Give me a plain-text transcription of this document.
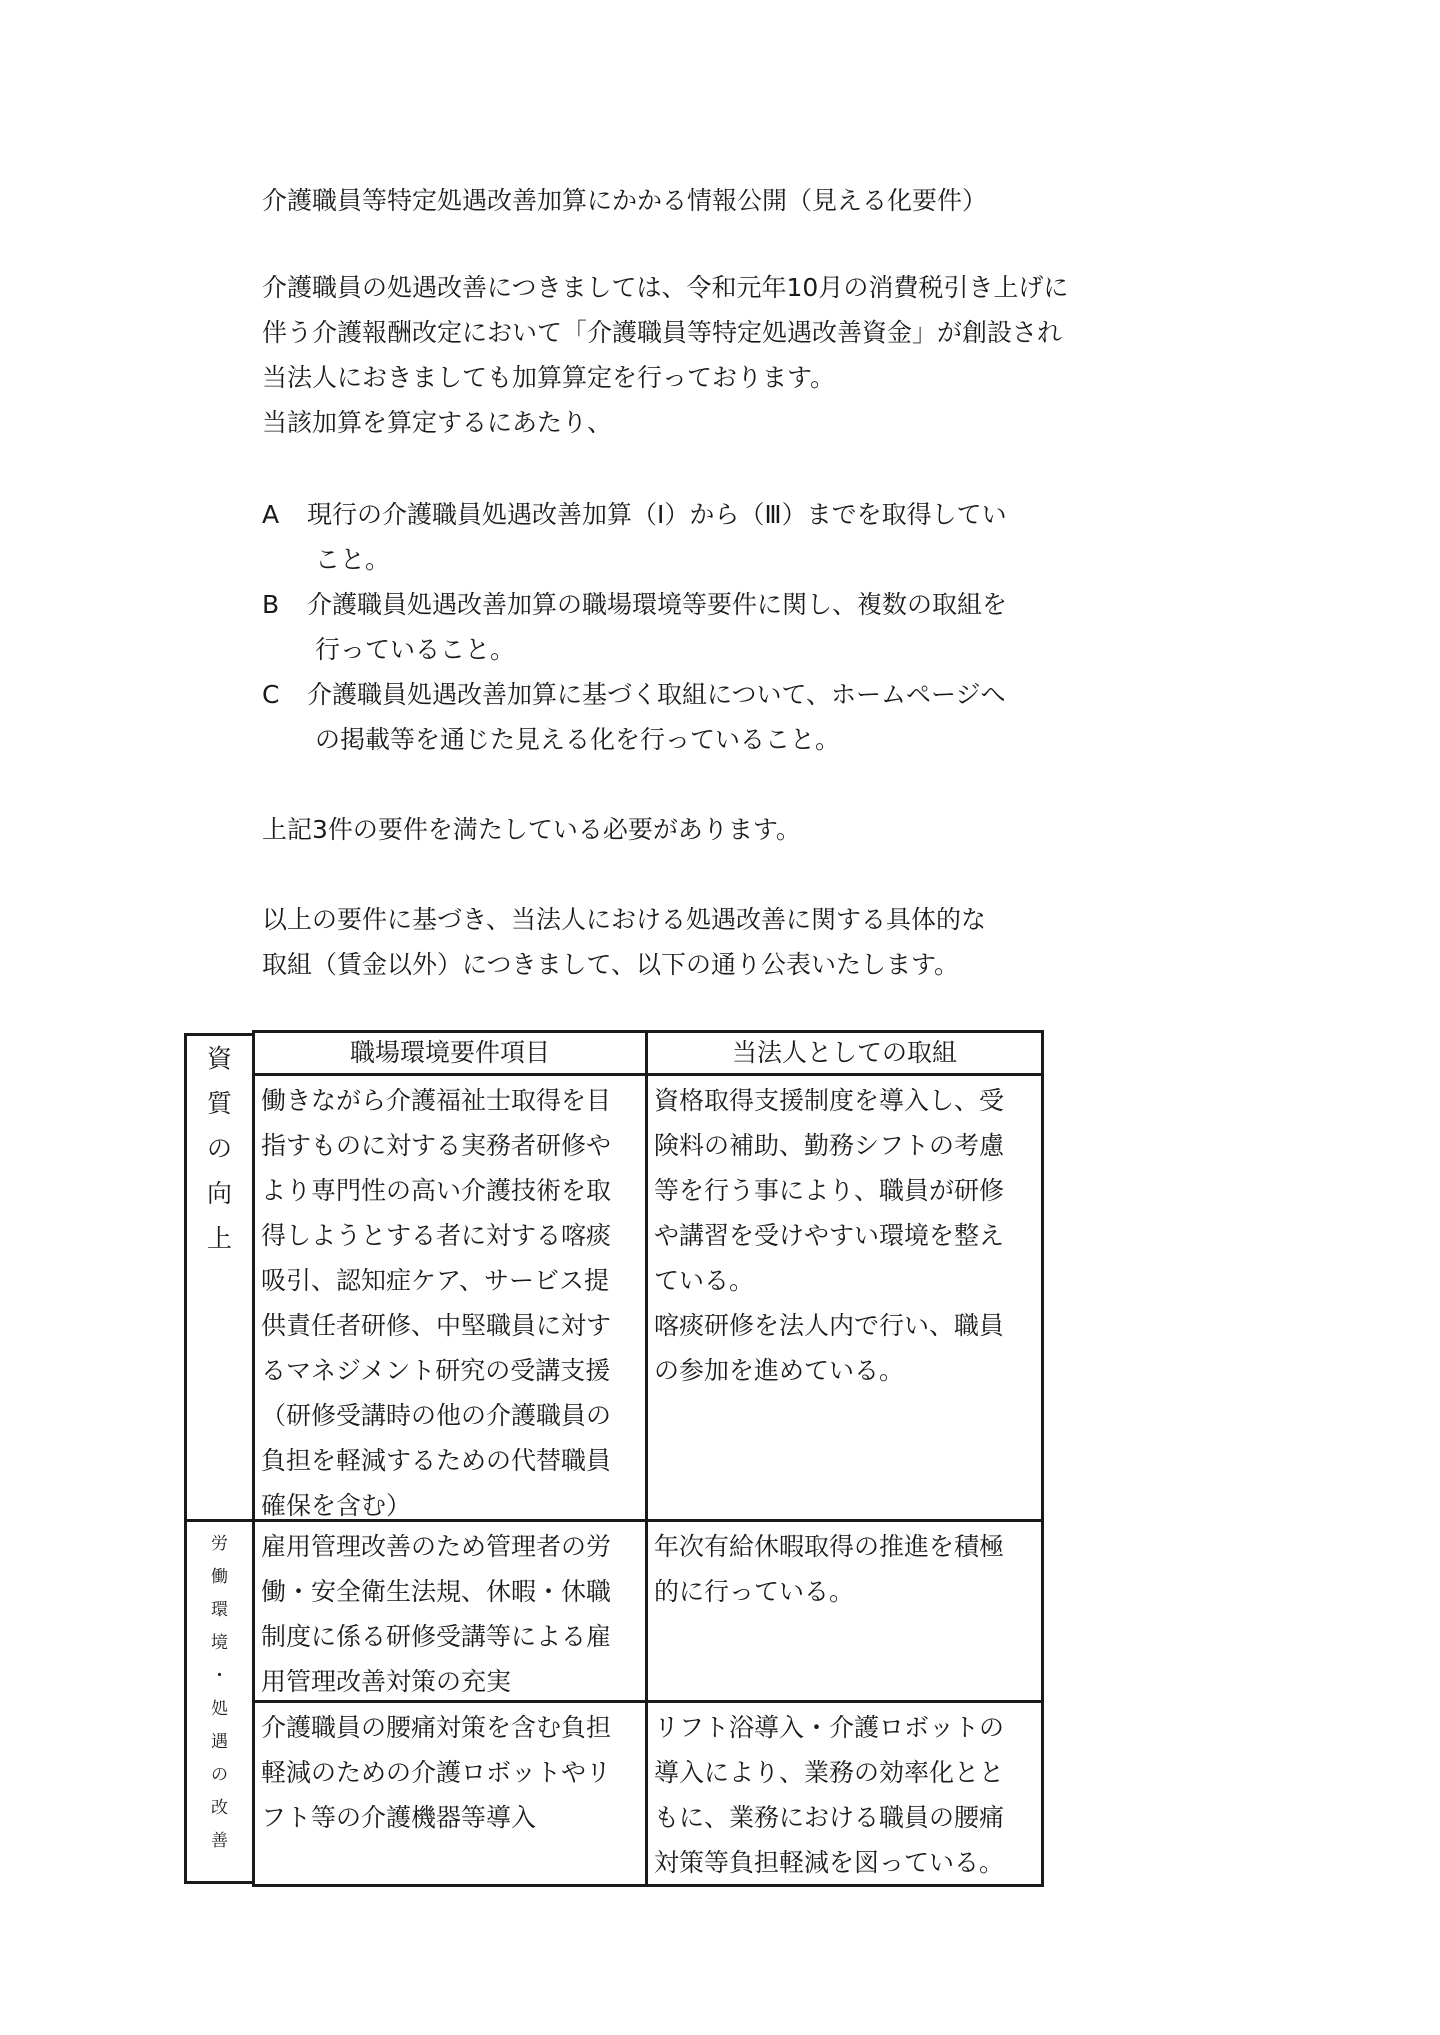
介護職員等特定処遇改善加算にかかる情報公開（見える化要件）
介護職員の処遇改善につきましては、令和元年10月の消費税引き上げに
伴う介護報酬改定において「介護職員等特定処遇改善資金」が創設され
当法人におきましても加算算定を行っております。
当該加算を算定するにあたり、
A 現行の介護職員処遇改善加算（Ⅰ）から（Ⅲ）までを取得してい
こと。
B 介護職員処遇改善加算の職場環境等要件に関し、複数の取組を
行っていること。
C 介護職員処遇改善加算に基づく取組について、ホームページへ
の掲載等を通じた見える化を行っていること。
上記3件の要件を満たしている必要があります。
以上の要件に基づき、当法人における処遇改善に関する具体的な
取組（賃金以外）につきまして、以下の通り公表いたします。
職場環境要件項目	当法人としての取組
資
質
の
向
上
労
働
環
境
・
処
遇
の
改
善
働きながら介護福祉士取得を目
指すものに対する実務者研修や
より専門性の高い介護技術を取
得しようとする者に対する喀痰
吸引、認知症ケア、サービス提
供責任者研修、中堅職員に対す
るマネジメント研究の受講支援
（研修受講時の他の介護職員の
負担を軽減するための代替職員
確保を含む）
資格取得支援制度を導入し、受
険料の補助、勤務シフトの考慮
等を行う事により、職員が研修
や講習を受けやすい環境を整え
ている。
喀痰研修を法人内で行い、職員
の参加を進めている。
雇用管理改善のため管理者の労
働・安全衛生法規、休暇・休職
制度に係る研修受講等による雇
用管理改善対策の充実
年次有給休暇取得の推進を積極
的に行っている。
介護職員の腰痛対策を含む負担
軽減のための介護ロボットやリ
フト等の介護機器等導入
リフト浴導入・介護ロボットの
導入により、業務の効率化とと
もに、業務における職員の腰痛
対策等負担軽減を図っている。
